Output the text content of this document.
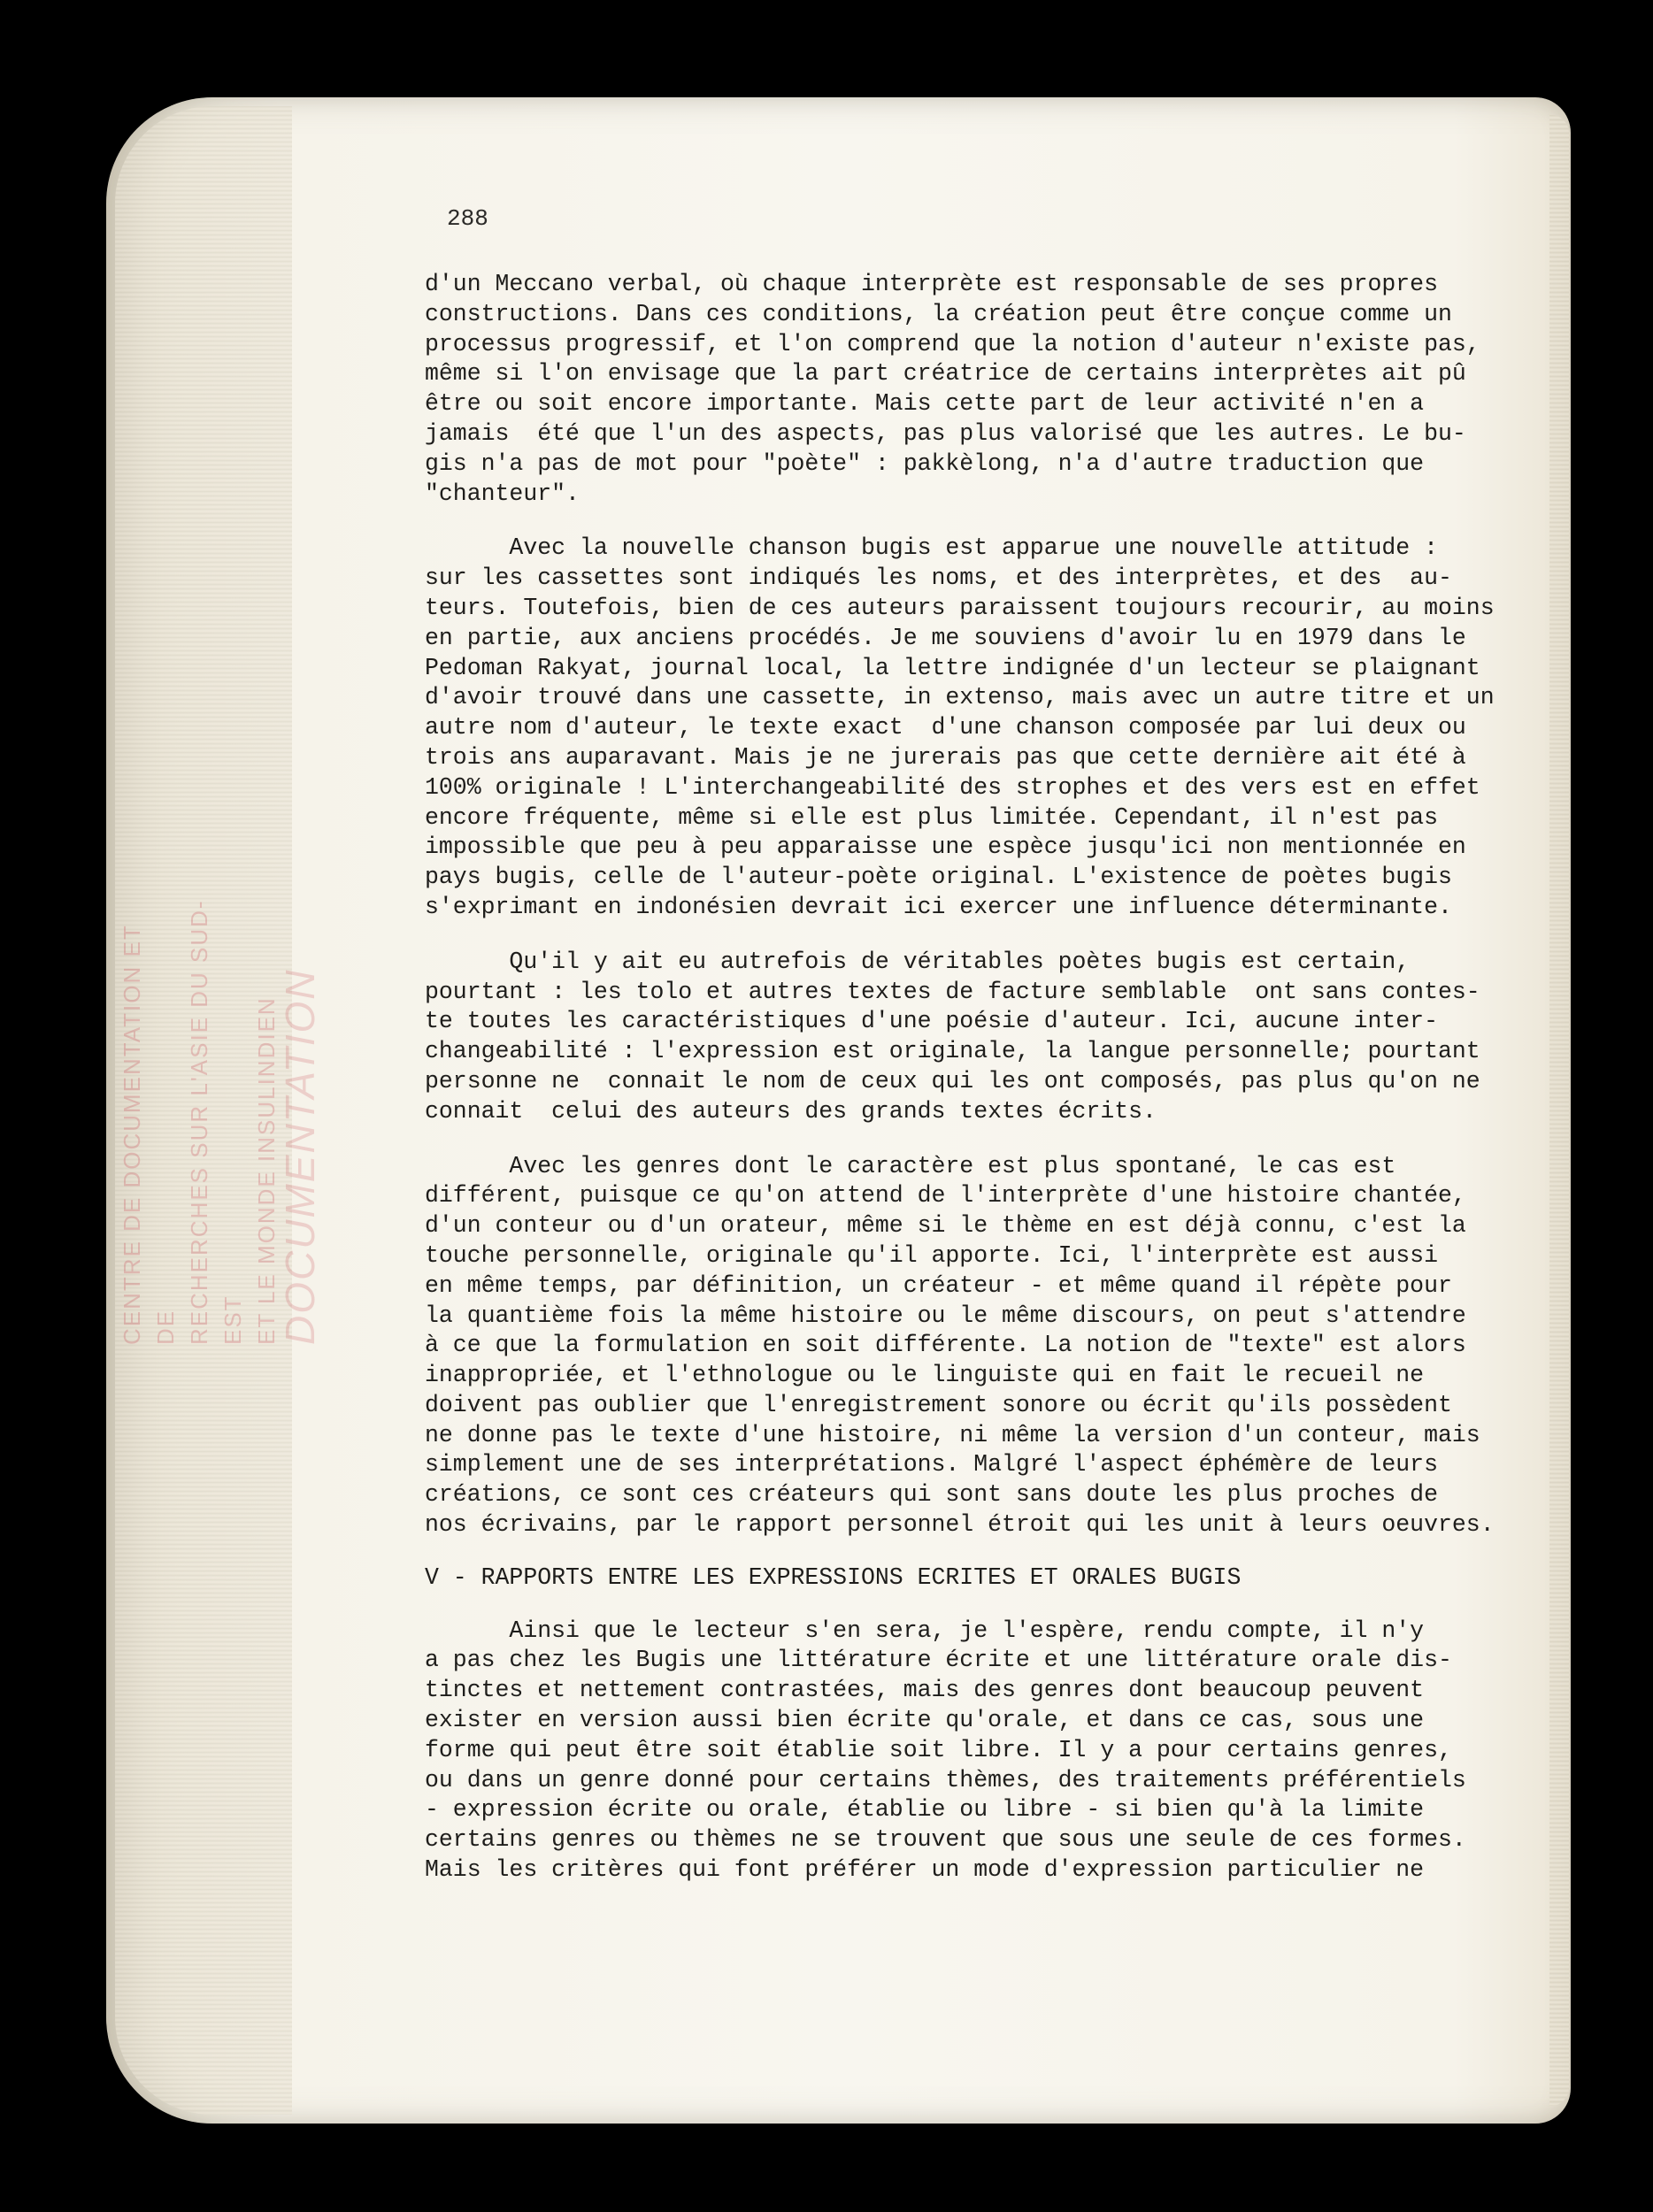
CENTRE DE DOCUMENTATION ET DE RECHERCHES SUR L'ASIE DU SUD-EST ET LE MONDE INSULINDIEN
DOCUMENTATION
288

d'un Meccano verbal, où chaque interprète est responsable de ses propres

constructions. Dans ces conditions, la création peut être conçue comme un

processus progressif, et l'on comprend que la notion d'auteur n'existe pas,

même si l'on envisage que la part créatrice de certains interprètes ait pû

être ou soit encore importante. Mais cette part de leur activité n'en a

jamais  été que l'un des aspects, pas plus valorisé que les autres. Le bu-

gis n'a pas de mot pour "poète" : pakkèlong, n'a d'autre traduction que

"chanteur".

Avec la nouvelle chanson bugis est apparue une nouvelle attitude :

sur les cassettes sont indiqués les noms, et des interprètes, et des  au-

teurs. Toutefois, bien de ces auteurs paraissent toujours recourir, au moins

en partie, aux anciens procédés. Je me souviens d'avoir lu en 1979 dans le

Pedoman Rakyat, journal local, la lettre indignée d'un lecteur se plaignant

d'avoir trouvé dans une cassette, in extenso, mais avec un autre titre et un

autre nom d'auteur, le texte exact  d'une chanson composée par lui deux ou

trois ans auparavant. Mais je ne jurerais pas que cette dernière ait été à

100% originale ! L'interchangeabilité des strophes et des vers est en effet

encore fréquente, même si elle est plus limitée. Cependant, il n'est pas

impossible que peu à peu apparaisse une espèce jusqu'ici non mentionnée en

pays bugis, celle de l'auteur-poète original. L'existence de poètes bugis

s'exprimant en indonésien devrait ici exercer une influence déterminante.

Qu'il y ait eu autrefois de véritables poètes bugis est certain,

pourtant : les tolo et autres textes de facture semblable  ont sans contes-

te toutes les caractéristiques d'une poésie d'auteur. Ici, aucune inter-

changeabilité : l'expression est originale, la langue personnelle; pourtant

personne ne  connait le nom de ceux qui les ont composés, pas plus qu'on ne

connait  celui des auteurs des grands textes écrits.

Avec les genres dont le caractère est plus spontané, le cas est

différent, puisque ce qu'on attend de l'interprète d'une histoire chantée,

d'un conteur ou d'un orateur, même si le thème en est déjà connu, c'est la

touche personnelle, originale qu'il apporte. Ici, l'interprète est aussi

en même temps, par définition, un créateur - et même quand il répète pour

la quantième fois la même histoire ou le même discours, on peut s'attendre

à ce que la formulation en soit différente. La notion de "texte" est alors

inappropriée, et l'ethnologue ou le linguiste qui en fait le recueil ne

doivent pas oublier que l'enregistrement sonore ou écrit qu'ils possèdent

ne donne pas le texte d'une histoire, ni même la version d'un conteur, mais

simplement une de ses interprétations. Malgré l'aspect éphémère de leurs

créations, ce sont ces créateurs qui sont sans doute les plus proches de

nos écrivains, par le rapport personnel étroit qui les unit à leurs oeuvres.

V - RAPPORTS ENTRE LES EXPRESSIONS ECRITES ET ORALES BUGIS

Ainsi que le lecteur s'en sera, je l'espère, rendu compte, il n'y

a pas chez les Bugis une littérature écrite et une littérature orale dis-

tinctes et nettement contrastées, mais des genres dont beaucoup peuvent

exister en version aussi bien écrite qu'orale, et dans ce cas, sous une

forme qui peut être soit établie soit libre. Il y a pour certains genres,

ou dans un genre donné pour certains thèmes, des traitements préférentiels

- expression écrite ou orale, établie ou libre - si bien qu'à la limite

certains genres ou thèmes ne se trouvent que sous une seule de ces formes.

Mais les critères qui font préférer un mode d'expression particulier ne
